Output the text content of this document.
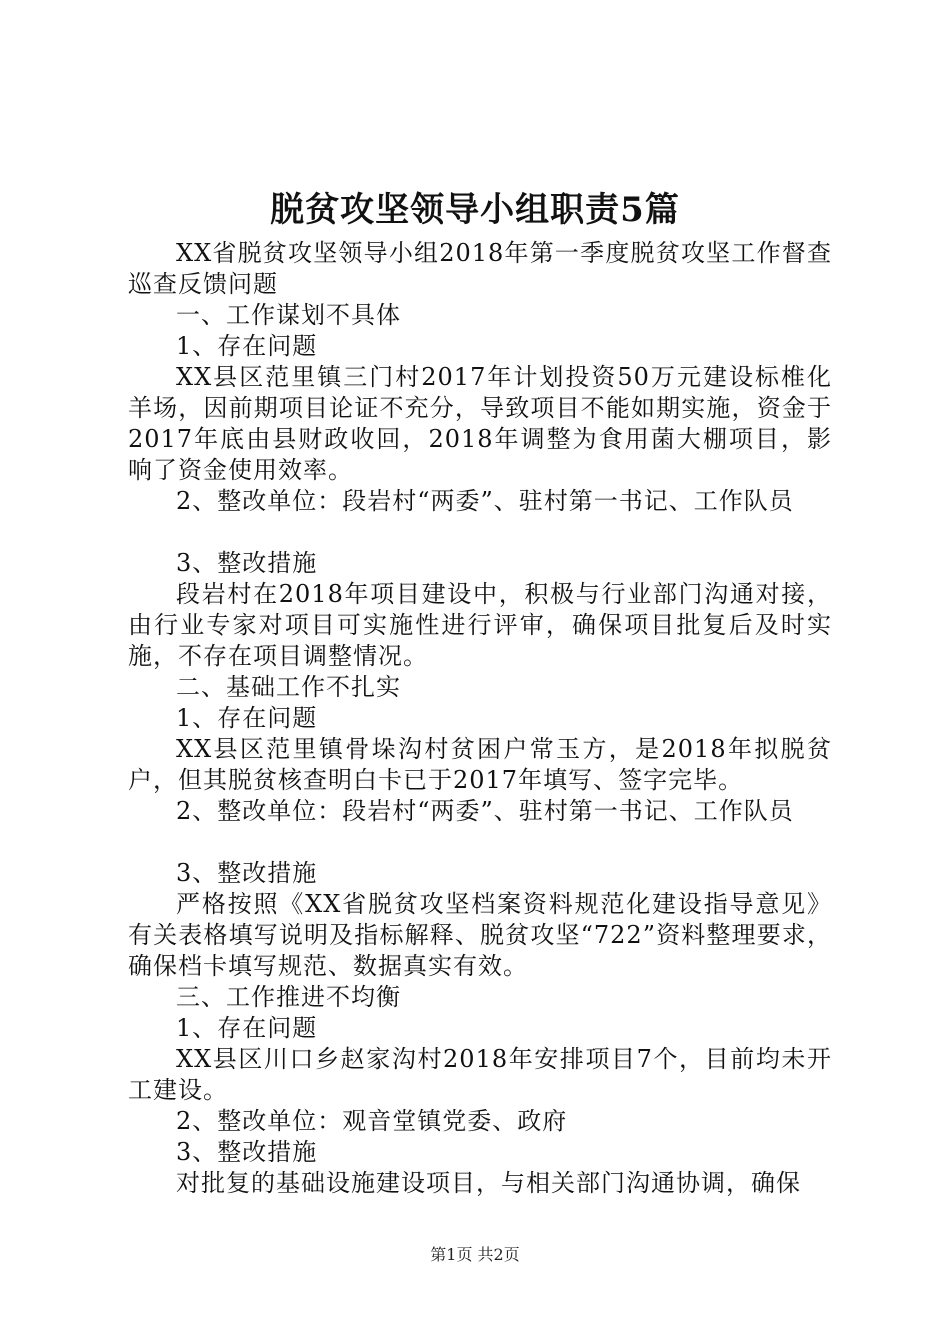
脱贫攻坚领导小组职责5篇

XX省脱贫攻坚领导小组2018年第一季度脱贫攻坚工作督查巡查反馈问题

一、工作谋划不具体

1、存在问题

XX县区范里镇三门村2017年计划投资50万元建设标椎化羊场，因前期项目论证不充分，导致项目不能如期实施，资金于2017年底由县财政收回，2018年调整为食用菌大棚项目，影响了资金使用效率。

2、整改单位：段岩村“两委”、驻村第一书记、工作队员

3、整改措施

段岩村在2018年项目建设中，积极与行业部门沟通对接，由行业专家对项目可实施性进行评审，确保项目批复后及时实施，不存在项目调整情况。

二、基础工作不扎实

1、存在问题

XX县区范里镇骨垛沟村贫困户常玉方，是2018年拟脱贫户，但其脱贫核查明白卡已于2017年填写、签字完毕。

2、整改单位：段岩村“两委”、驻村第一书记、工作队员

3、整改措施

严格按照《XX省脱贫攻坚档案资料规范化建设指导意见》有关表格填写说明及指标解释、脱贫攻坚“722”资料整理要求，确保档卡填写规范、数据真实有效。

三、工作推进不均衡

1、存在问题

XX县区川口乡赵家沟村2018年安排项目7个，目前均未开工建设。

2、整改单位：观音堂镇党委、政府

3、整改措施

对批复的基础设施建设项目，与相关部门沟通协调，确保

第1页 共2页
